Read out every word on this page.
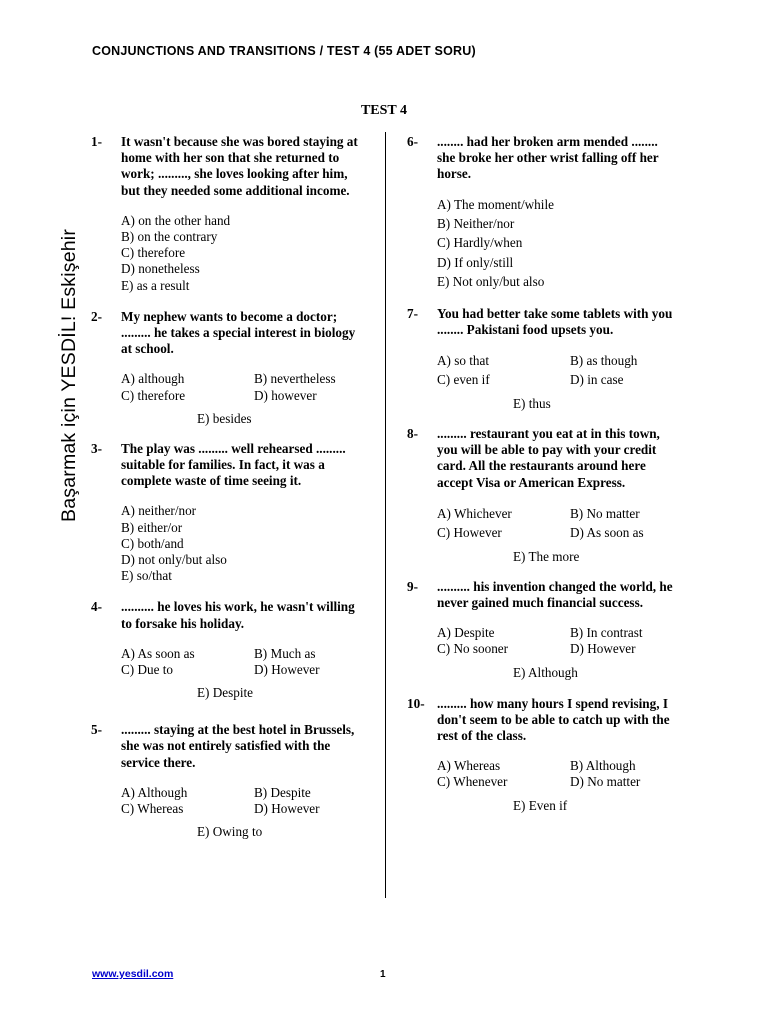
CONJUNCTIONS AND TRANSITIONS / TEST 4 (55 ADET SORU)
TEST 4
Başarmak için YESDİL! Eskişehir
1-	It wasn't because she was bored staying at home with her son that she returned to work; ........., she loves looking after him, but they needed some additional income.
A) on the other hand
B) on the contrary
C) therefore
D) nonetheless
E) as a result
2-	My nephew wants to become a doctor; ......... he takes a special interest in biology at school.
A) although	B) nevertheless
C) therefore	D) however
E) besides
3-	The play was ......... well rehearsed ......... suitable for families. In fact, it was a complete waste of time seeing it.
A) neither/nor
B) either/or
C) both/and
D) not only/but also
E) so/that
4-	.......... he loves his work, he wasn't willing to forsake his holiday.
A) As soon as	B) Much as
C) Due to	D) However
E) Despite
5-	......... staying at the best hotel in Brussels, she was not entirely satisfied with the service there.
A) Although	B) Despite
C) Whereas	D) However
E) Owing to
6-	........ had her broken arm mended ........ she broke her other wrist falling off her horse.
A) The moment/while
B) Neither/nor
C) Hardly/when
D) If only/still
E) Not only/but also
7-	You had better take some tablets with you ........ Pakistani food upsets you.
A) so that	B) as though
C) even if	D) in case
E) thus
8-	......... restaurant you eat at in this town, you will be able to pay with your credit card. All the restaurants around here accept Visa or American Express.
A) Whichever	B) No matter
C) However	D) As soon as
E) The more
9-	.......... his invention changed the world, he never gained much financial success.
A) Despite	B) In contrast
C) No sooner	D) However
E) Although
10- ......... how many hours I spend revising, I don't seem to be able to catch up with the rest of the class.
A) Whereas	B) Although
C) Whenever	D) No matter
E) Even if
www.yesdil.com	1
